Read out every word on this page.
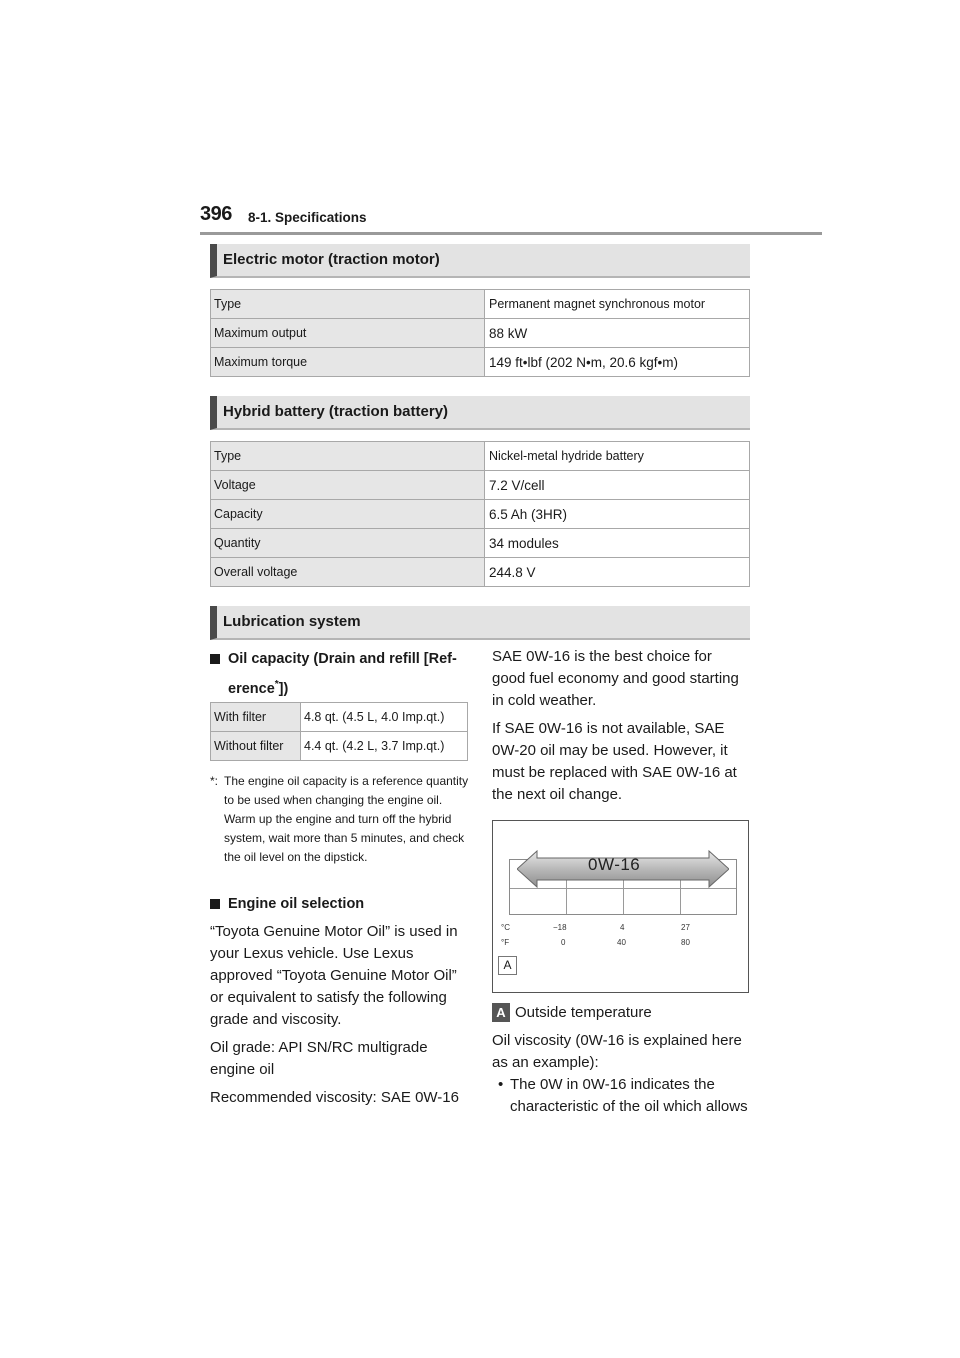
396 8-1. Specifications
Electric motor (traction motor)
Type	Permanent magnet synchronous motor
Maximum output	88 kW
Maximum torque	149 ft•lbf (202 N•m, 20.6 kgf•m)
Hybrid battery (traction battery)
Type	Nickel-metal hydride battery
Voltage	7.2 V/cell
Capacity	6.5 Ah (3HR)
Quantity	34 modules
Overall voltage	244.8 V
Lubrication system
Oil capacity (Drain and refill [Ref-
erence*])
With filter	4.8 qt. (4.5 L, 4.0 Imp.qt.)
Without filter	4.4 qt. (4.2 L, 3.7 Imp.qt.)
*: The engine oil capacity is a reference quantity to be used when changing the engine oil. Warm up the engine and turn off the hybrid system, wait more than 5 minutes, and check the oil level on the dipstick.
Engine oil selection
“Toyota Genuine Motor Oil” is used in your Lexus vehicle. Use Lexus approved “Toyota Genuine Motor Oil” or equivalent to satisfy the following grade and viscosity.
Oil grade: API SN/RC multigrade engine oil
Recommended viscosity: SAE 0W-16
SAE 0W-16 is the best choice for good fuel economy and good starting in cold weather.
If SAE 0W-16 is not available, SAE 0W-20 oil may be used. However, it must be replaced with SAE 0W-16 at the next oil change.
0W-16
°C
°F
−18	4	27
0	40	80
A
A Outside temperature
Oil viscosity (0W-16 is explained here as an example):
• The 0W in 0W-16 indicates the characteristic of the oil which allows
